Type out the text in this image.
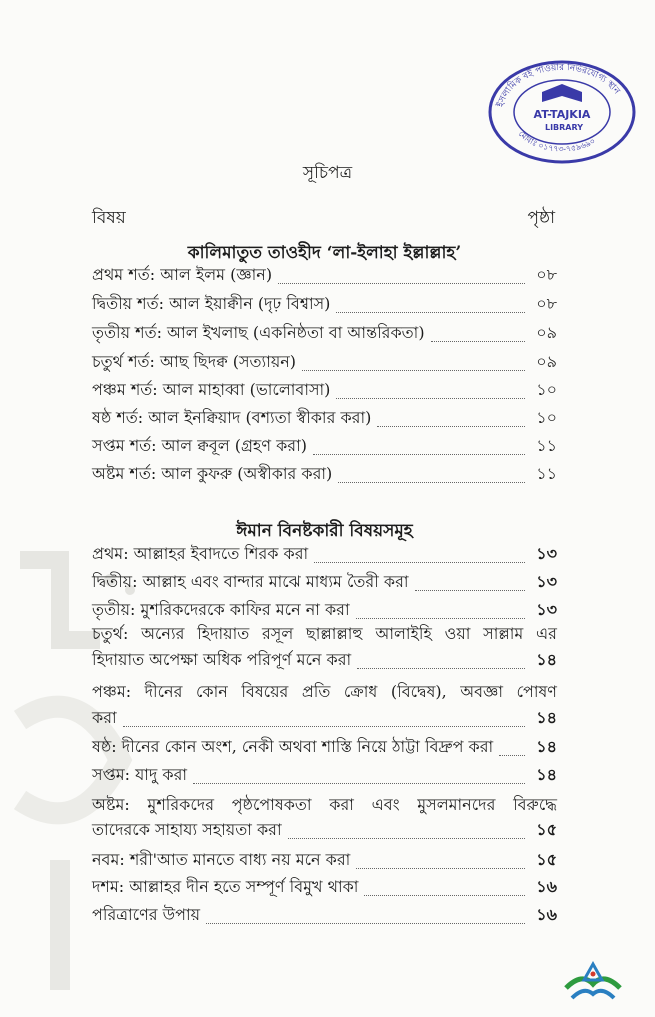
ইসলামিক বই পাওয়ার নির্ভরযোগ্য স্থান
মোবাঃ ০১৭৭৩-৭৫৯৬৯০
AT-TAJKIA
LIBRARY
সূচিপত্র
বিষয়	পৃষ্ঠা
কালিমাতুত তাওহীদ ‘লা-ইলাহা ইল্লাল্লাহ’
প্রথম শর্ত: আল ইলম (জ্ঞান)	০৮
দ্বিতীয় শর্ত: আল ইয়াক্বীন (দৃঢ় বিশ্বাস)	০৮
তৃতীয় শর্ত: আল ইখলাছ (একনিষ্ঠতা বা আন্তরিকতা)	০৯
চতুর্থ শর্ত: আছ ছিদক্ব (সত্যায়ন)	০৯
পঞ্চম শর্ত: আল মাহাব্বা (ভালোবাসা)	১০
ষষ্ঠ শর্ত: আল ইনক্বিয়াদ (বশ্যতা স্বীকার করা)	১০
সপ্তম শর্ত: আল ক্ববূল (গ্রহণ করা)	১১
অষ্টম শর্ত: আল কুফরু (অস্বীকার করা)	১১
ঈমান বিনষ্টকারী বিষয়সমূহ
প্রথম: আল্লাহর ইবাদতে শিরক করা	১৩
দ্বিতীয়: আল্লাহ এবং বান্দার মাঝে মাধ্যম তৈরী করা	১৩
তৃতীয়: মুশরিকদেরকে কাফির মনে না করা	১৩
চতুর্থ: অন্যের হিদায়াত রসূল ছাল্লাল্লাহু আলাইহি ওয়া সাল্লাম এর
হিদায়াত অপেক্ষা অধিক পরিপূর্ণ মনে করা	১৪
পঞ্চম: দীনের কোন বিষয়ের প্রতি ক্রোধ (বিদ্বেষ), অবজ্ঞা পোষণ
করা	১৪
ষষ্ঠ: দীনের কোন অংশ, নেকী অথবা শাস্তি নিয়ে ঠাট্টা বিদ্রুপ করা	১৪
সপ্তম: যাদু করা	১৪
অষ্টম: মুশরিকদের পৃষ্ঠপোষকতা করা এবং মুসলমানদের বিরুদ্ধে
তাদেরকে সাহায্য সহায়তা করা	১৫
নবম: শরী'আত মানতে বাধ্য নয় মনে করা	১৫
দশম: আল্লাহর দীন হতে সম্পূর্ণ বিমুখ থাকা	১৬
পরিত্রাণের উপায়	১৬
